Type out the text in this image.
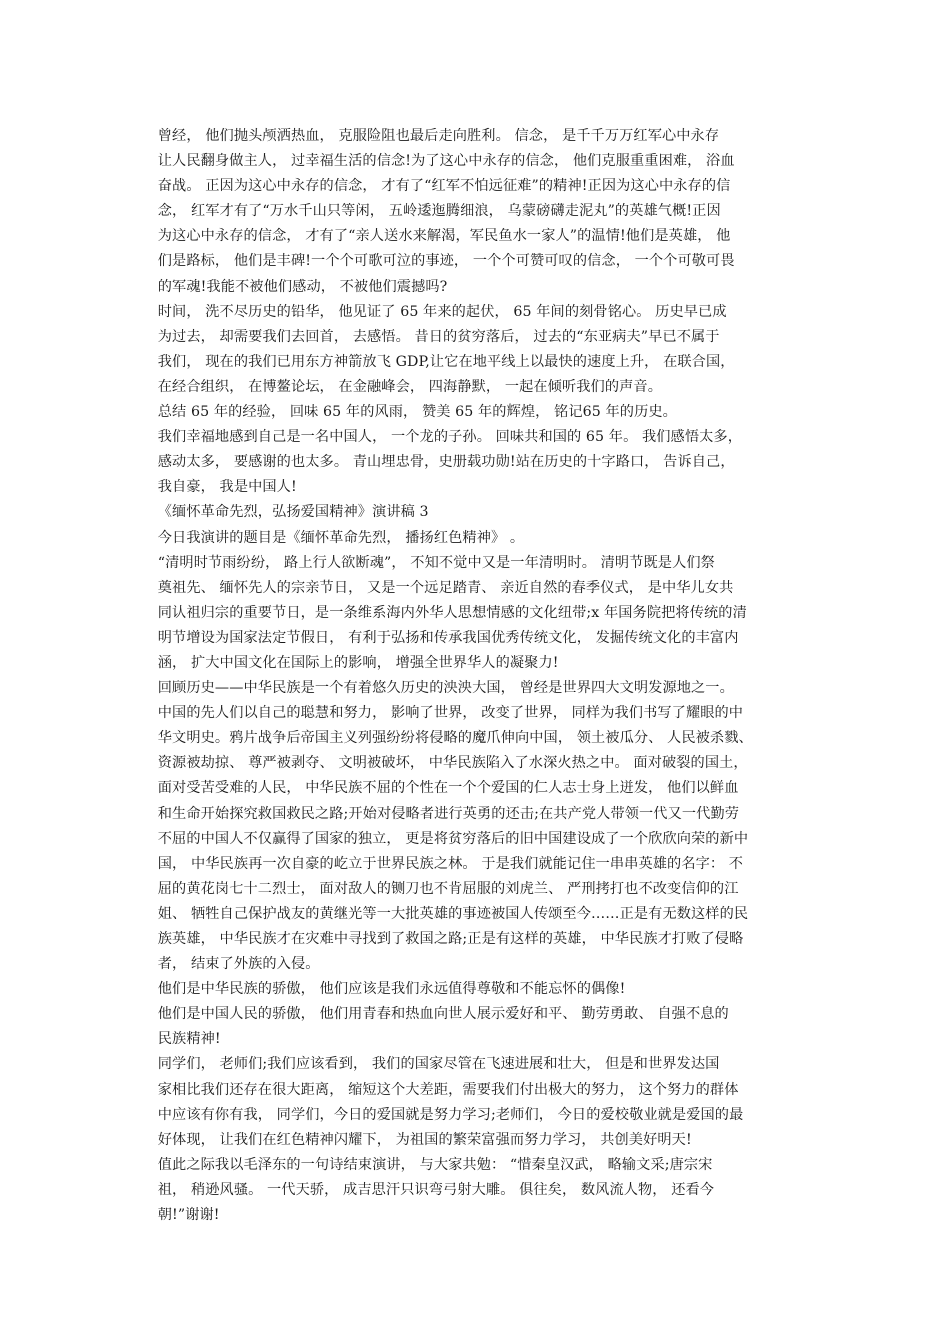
曾经， 他们抛头颅洒热血， 克服险阻也最后走向胜利。 信念， 是千千万万红军心中永存
让人民翻身做主人， 过幸福生活的信念!为了这心中永存的信念， 他们克服重重困难， 浴血
奋战。 正因为这心中永存的信念， 才有了“红军不怕远征难”的精神!正因为这心中永存的信
念， 红军才有了“万水千山只等闲， 五岭逶迤腾细浪， 乌蒙磅礴走泥丸”的英雄气概!正因
为这心中永存的信念， 才有了“亲人送水来解渴，军民鱼水一家人”的温情!他们是英雄， 他
们是路标， 他们是丰碑!一个个可歌可泣的事迹， 一个个可赞可叹的信念， 一个个可敬可畏
的军魂!我能不被他们感动， 不被他们震撼吗?
时间， 洗不尽历史的铅华， 他见证了 65 年来的起伏， 65 年间的刻骨铭心。 历史早已成
为过去， 却需要我们去回首， 去感悟。 昔日的贫穷落后， 过去的“东亚病夫”早已不属于
我们， 现在的我们已用东方神箭放飞 GDP,让它在地平线上以最快的速度上升， 在联合国，
在经合组织， 在博鳌论坛， 在金融峰会， 四海静默， 一起在倾听我们的声音。
总结 65 年的经验， 回味 65 年的风雨， 赞美 65 年的辉煌， 铭记65 年的历史。
我们幸福地感到自己是一名中国人， 一个龙的子孙。 回味共和国的 65 年。 我们感悟太多，
感动太多， 要感谢的也太多。 青山埋忠骨，史册载功勋!站在历史的十字路口， 告诉自己，
我自豪， 我是中国人!
《缅怀革命先烈，弘扬爱国精神》演讲稿 3
今日我演讲的题目是《缅怀革命先烈， 播扬红色精神》 。
“清明时节雨纷纷， 路上行人欲断魂”， 不知不觉中又是一年清明时。 清明节既是人们祭
奠祖先、 缅怀先人的宗亲节日， 又是一个远足踏青、 亲近自然的春季仪式， 是中华儿女共
同认祖归宗的重要节日，是一条维系海内外华人思想情感的文化纽带;x 年国务院把将传统的清
明节增设为国家法定节假日， 有利于弘扬和传承我国优秀传统文化， 发掘传统文化的丰富内
涵， 扩大中国文化在国际上的影响， 增强全世界华人的凝聚力!
回顾历史——中华民族是一个有着悠久历史的泱泱大国， 曾经是世界四大文明发源地之一。
中国的先人们以自己的聪慧和努力， 影响了世界， 改变了世界， 同样为我们书写了耀眼的中
华文明史。鸦片战争后帝国主义列强纷纷将侵略的魔爪伸向中国， 领土被瓜分、 人民被杀戮、
资源被劫掠、 尊严被剥夺、 文明被破坏， 中华民族陷入了水深火热之中。 面对破裂的国土，
面对受苦受难的人民， 中华民族不屈的个性在一个个爱国的仁人志士身上迸发， 他们以鲜血
和生命开始探究救国救民之路;开始对侵略者进行英勇的还击;在共产党人带领一代又一代勤劳
不屈的中国人不仅赢得了国家的独立， 更是将贫穷落后的旧中国建设成了一个欣欣向荣的新中
国， 中华民族再一次自豪的屹立于世界民族之林。 于是我们就能记住一串串英雄的名字： 不
屈的黄花岗七十二烈士， 面对敌人的铡刀也不肯屈服的刘虎兰、 严刑拷打也不改变信仰的江
姐、 牺牲自己保护战友的黄继光等一大批英雄的事迹被国人传颂至今……正是有无数这样的民
族英雄， 中华民族才在灾难中寻找到了救国之路;正是有这样的英雄， 中华民族才打败了侵略
者， 结束了外族的入侵。
他们是中华民族的骄傲， 他们应该是我们永远值得尊敬和不能忘怀的偶像!
他们是中国人民的骄傲， 他们用青春和热血向世人展示爱好和平、 勤劳勇敢、 自强不息的
民族精神!
同学们， 老师们;我们应该看到， 我们的国家尽管在飞速进展和壮大， 但是和世界发达国
家相比我们还存在很大距离， 缩短这个大差距，需要我们付出极大的努力， 这个努力的群体
中应该有你有我， 同学们，今日的爱国就是努力学习;老师们， 今日的爱校敬业就是爱国的最
好体现， 让我们在红色精神闪耀下， 为祖国的繁荣富强而努力学习， 共创美好明天!
值此之际我以毛泽东的一句诗结束演讲， 与大家共勉： “惜秦皇汉武， 略输文采;唐宗宋
祖， 稍逊风骚。 一代天骄， 成吉思汗只识弯弓射大雕。 俱往矣， 数风流人物， 还看今
朝!”谢谢!
